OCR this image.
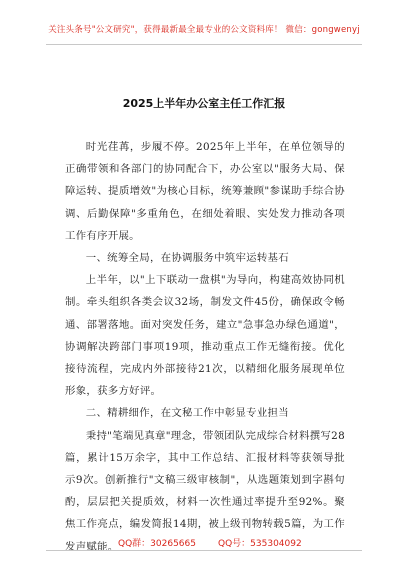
关注头条号"公文研究"，获得最新最全最专业的公文资料库！ 微信：gongwenyj
2025上半年办公室主任工作汇报

时光荏苒，步履不停。2025年上半年，在单位领导的正确带领和各部门的协同配合下，办公室以"服务大局、保障运转、提质增效"为核心目标，统筹兼顾"参谋助手综合协调、后勤保障"多重角色，在细处着眼、实处发力推动各项工作有序开展。

一、统筹全局，在协调服务中筑牢运转基石

上半年，以"上下联动一盘棋"为导向，构建高效协同机制。牵头组织各类会议32场，制发文件45份，确保政令畅通、部署落地。面对突发任务，建立"急事急办绿色通道"，协调解决跨部门事项19项，推动重点工作无缝衔接。优化接待流程，完成内外部接待21次，以精细化服务展现单位形象，获多方好评。

二、精耕细作，在文秘工作中彰显专业担当

秉持"笔端见真章"理念，带领团队完成综合材料撰写28篇，累计15万余字，其中工作总结、汇报材料等获领导批示9次。创新推行"文稿三级审核制"，从选题策划到字斟句酌，层层把关提质效，材料一次性通过率提升至92%。聚焦工作亮点，编发简报14期，被上级刊物转载5篇，为工作发声赋能。 QQ群：30265665 QQ号：535304092
